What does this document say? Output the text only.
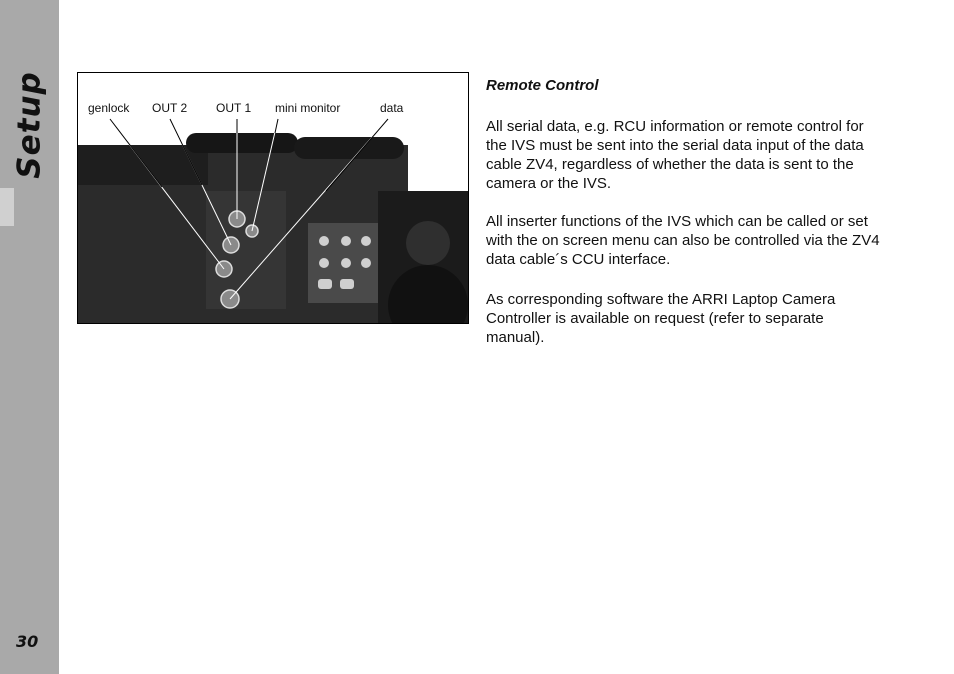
Setup
30
genlock OUT 2 OUT 1 mini monitor	data
Remote Control

All serial data, e.g. RCU information or remote control for the IVS must be sent into the serial data input of the data cable ZV4, regardless of whether the data is sent to the camera or the IVS.

All inserter functions of the IVS which can be called or set with the on screen menu can also be controlled via the ZV4 data cable´s CCU interface.

As corresponding software the ARRI Laptop Camera Controller is available on request (refer to separate manual).
